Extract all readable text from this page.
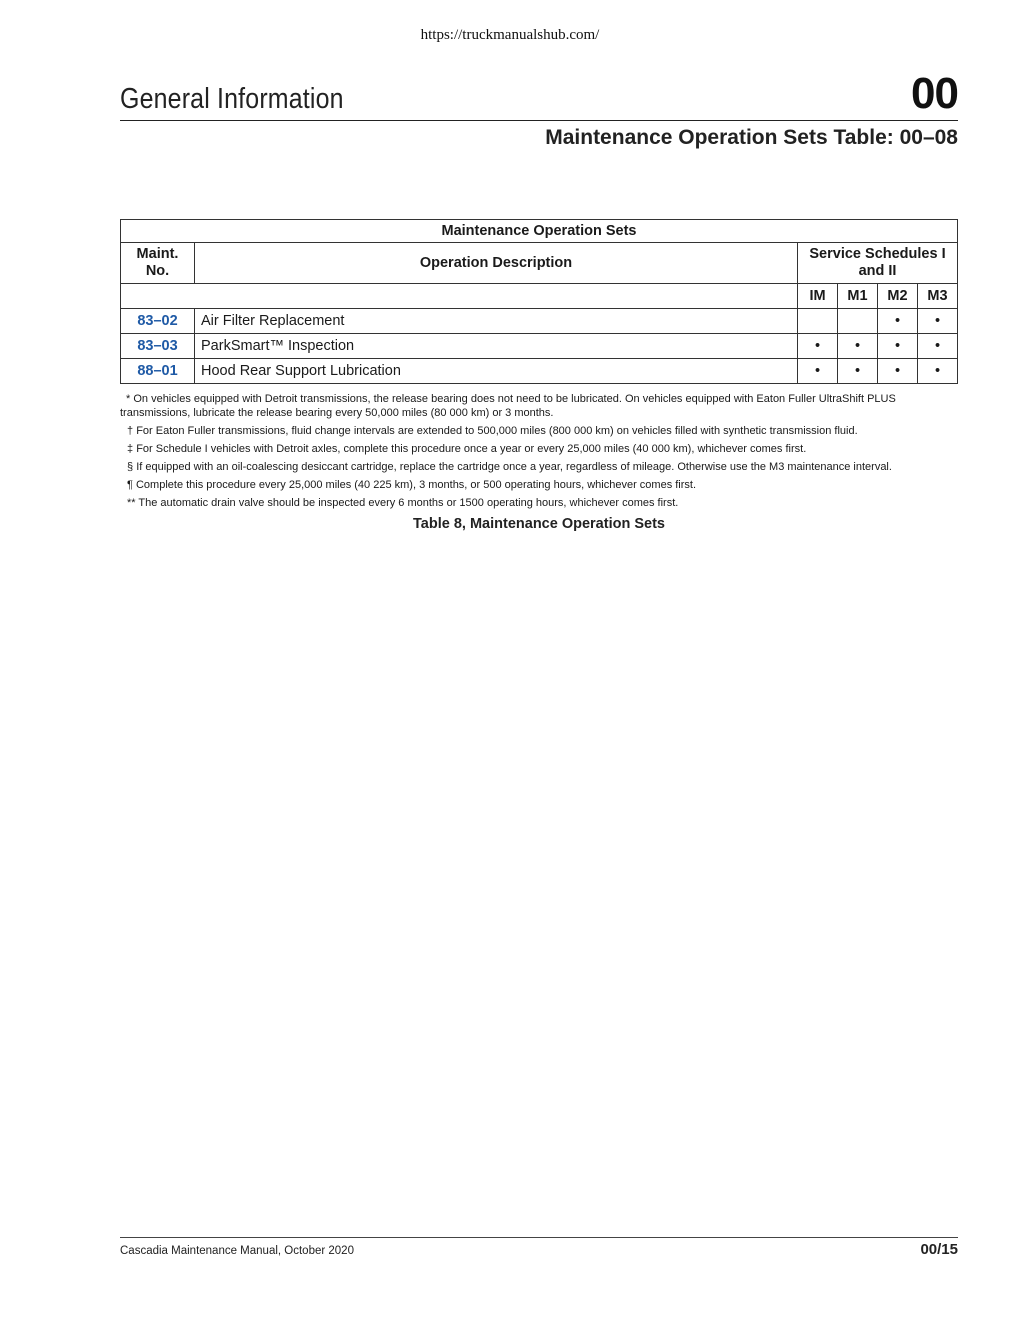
https://truckmanualshub.com/
General Information	00
Maintenance Operation Sets Table: 00–08
Maintenance Operation Sets					
Maint. No.	Operation Description	Service Schedules I and II			
		IM	M1	M2	M3
83–02	Air Filter Replacement			•	•
83–03	ParkSmart™ Inspection	•	•	•	•
88–01	Hood Rear Support Lubrication	•	•	•	•

* On vehicles equipped with Detroit transmissions, the release bearing does not need to be lubricated. On vehicles equipped with Eaton Fuller UltraShift PLUS transmissions, lubricate the release bearing every 50,000 miles (80 000 km) or 3 months.

† For Eaton Fuller transmissions, fluid change intervals are extended to 500,000 miles (800 000 km) on vehicles filled with synthetic transmission fluid.

‡ For Schedule I vehicles with Detroit axles, complete this procedure once a year or every 25,000 miles (40 000 km), whichever comes first.

§ If equipped with an oil-coalescing desiccant cartridge, replace the cartridge once a year, regardless of mileage. Otherwise use the M3 maintenance interval.

¶ Complete this procedure every 25,000 miles (40 225 km), 3 months, or 500 operating hours, whichever comes first.

** The automatic drain valve should be inspected every 6 months or 1500 operating hours, whichever comes first.

Table 8, Maintenance Operation Sets
Cascadia Maintenance Manual, October 2020	00/15
